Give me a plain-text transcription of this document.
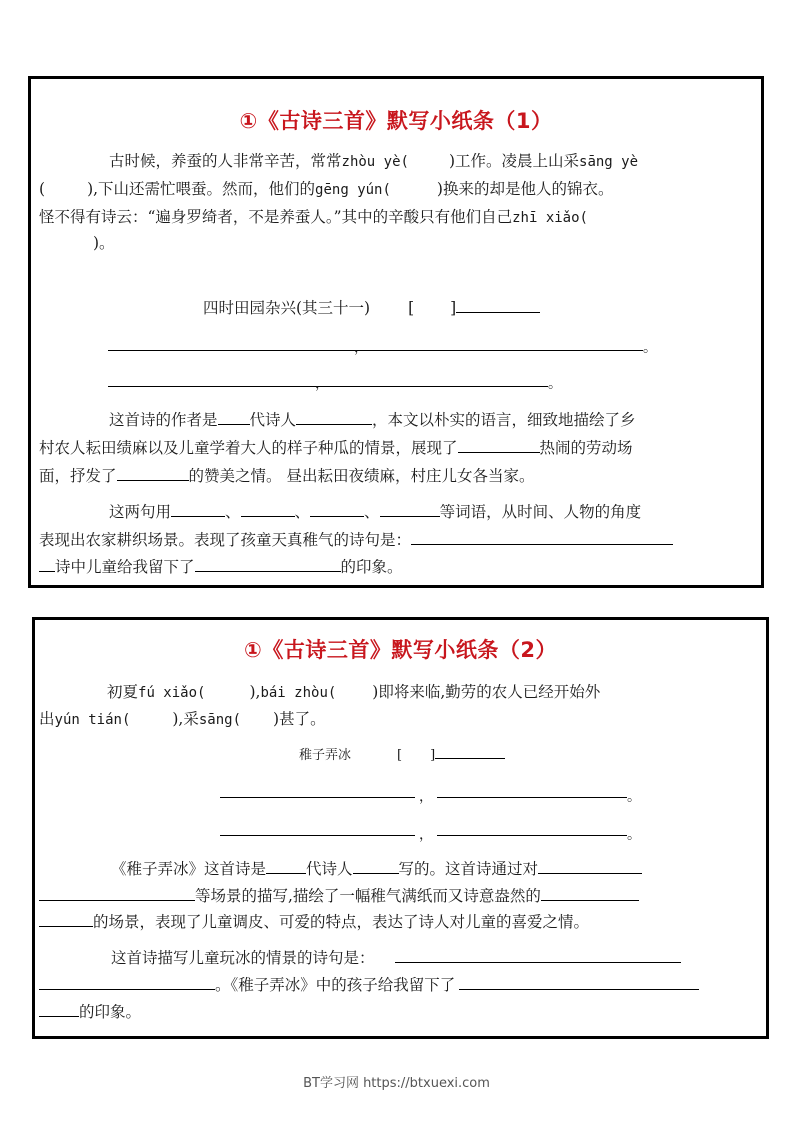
①《古诗三首》默写小纸条（1）
古时候，养蚕的人非常辛苦，常常zhòu yè(	)工作。凌晨上山采sāng yè
(	),下山还需忙喂蚕。然而，他们的gēng yún(	)换来的却是他人的锦衣。
怪不得有诗云：“遍身罗绮者，不是养蚕人。”其中的辛酸只有他们自己zhī xiǎo(
)。
四时田园杂兴(其三十一) [ ]
，	。
，	。
这首诗的作者是 代诗人	，本文以朴实的语言，细致地描绘了乡
村农人耘田绩麻以及儿童学着大人的样子种瓜的情景，展现了	热闹的劳动场
面，抒发了	的赞美之情。 昼出耘田夜绩麻，村庄儿女各当家。
这两句用	、	、	、	等词语，从时间、人物的角度
表现出农家耕织场景。表现了孩童天真稚气的诗句是：
诗中儿童给我留下了	的印象。
①《古诗三首》默写小纸条（2）
初夏fú xiǎo(	),bái zhòu( )即将来临,勤劳的农人已经开始外
出yún tián(	),采sāng( )甚了。
稚子弄冰	[ ]
，	。
，	。
《稚子弄冰》这首诗是	代诗人	写的。这首诗通过对
等场景的描写,描绘了一幅稚气满纸而又诗意盎然的
的场景，表现了儿童调皮、可爱的特点，表达了诗人对儿童的喜爱之情。
这首诗描写儿童玩冰的情景的诗句是：
。《稚子弄冰》中的孩子给我留下了
的印象。
BT学习网 https://btxuexi.com
